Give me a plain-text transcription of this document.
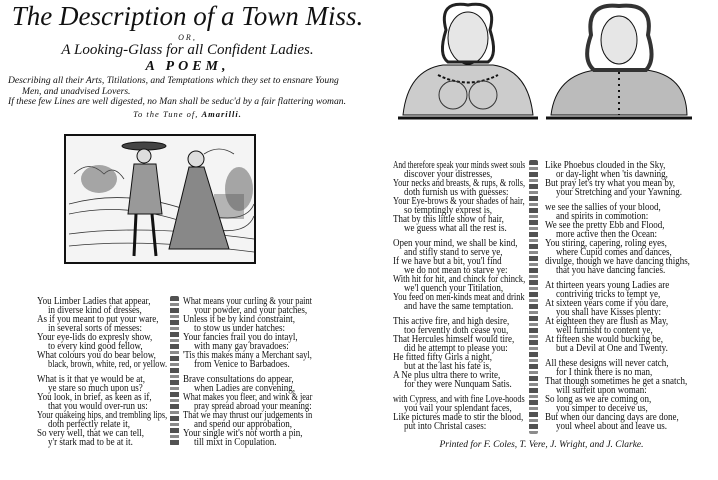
The Description of a Town Miss.
OR,
A Looking-Glass for all Confident Ladies.
A POEM,
Describing all their Arts, Titilations, and Temptations which they set to ensnare Young
Men, and unadvised Lovers.
If these few Lines are well digested, no Man shall be seduc'd by a fair flattering woman.
To the Tune of, Amarilli.
You Limber Ladies that appear,
in diverse kind of dresses,
As if you meant to put your ware,
in several sorts of messes:
Your eye-lids do expresly show,
to every kind good fellow,
What colours you do bear below,
black, brown, white, red, or yellow.
What is it that ye would be at,
ye stare so much upon us?
You look, in brief, as keen as if,
that you would over-run us:
Your quakeing hips, and trembling lips,
doth perfectly relate it,
So very well, that we can tell,
y'r stark mad to be at it.
What means your curling & your paint
your powder, and your patches,
Unless it be by kind constraint,
to stow us under hatches:
Your fancies frail you do intayl,
with many gay bravadoes:
'Tis this makes many a Merchant sayl,
from Venice to Barbadoes.
Brave consultations do appear,
when Ladies are convening,
What makes you fleer, and wink & jear
pray spread abroad your meaning:
That we may thrust our judgements in
and spend our approbation,
Your single wit's not worth a pin,
till mixt in Copulation.
And therefore speak your minds sweet souls
discover your distresses,
Your necks and breasts, & rups, & rolls,
doth furnish us with guesses:
Your Eye-brows & your shades of hair,
so temptingly exprest is,
That by this little show of hair,
we guess what all the rest is.
Open your mind, we shall be kind,
and stifly stand to serve ye,
If we have but a bit, you'l find
we do not mean to starve ye:
With hit for hit, and chinck for chinck,
we'l quench your Titilation,
You feed on men-kinds meat and drink
and have the same temptation.
This active fire, and high desire,
too fervently doth cease you,
That Hercules himself would tire,
did he attempt to please you:
He fitted fifty Girls a night,
but at the last his fate is,
A Ne plus ultra there to write,
for they were Nunquam Satis.
with Cypress, and with fine Love-hoods
you vail your splendant faces,
Like pictures made to stir the blood,
put into Christal cases:
Like Phoebus clouded in the Sky,
or day-light when 'tis dawning,
But pray let's try what you mean by,
your Stretching and your Yawning.
we see the sallies of your blood,
and spirits in commotion:
We see the pretty Ebb and Flood,
more active then the Ocean:
You stiring, capering, roling eyes,
where Cupid comes and dances,
divulge, though we have dancing thighs,
that you have dancing fancies.
At thirteen years young Ladies are
contriving tricks to tempt ye,
At sixteen years come if you dare,
you shall have Kisses plenty:
At eighteen they are flush as May,
well furnisht to content ye,
At fifteen she would bucking be,
but a Devil at One and Twenty.
All these designs will never catch,
for I think there is no man,
That though sometimes he get a snatch,
will surfeit upon woman:
So long as we are coming on,
you simper to deceive us,
But when our dancing days are done,
youl wheel about and leave us.
Printed for F. Coles, T. Vere, J. Wright, and J. Clarke.
